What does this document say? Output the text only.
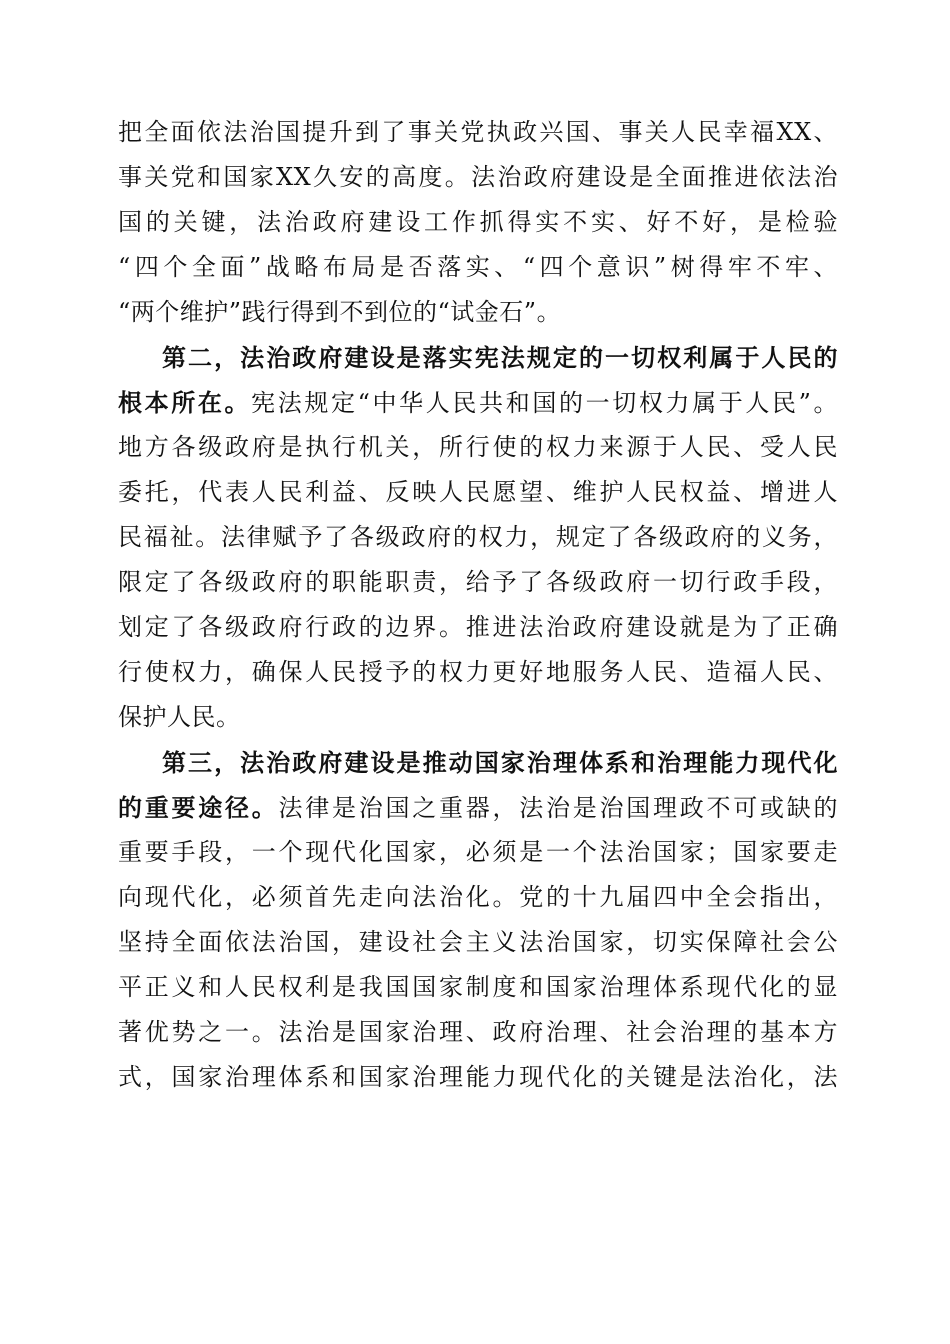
把全面依法治国提升到了事关党执政兴国、事关人民幸福XX、
事关党和国家XX久安的高度。法治政府建设是全面推进依法治
国的关键，法治政府建设工作抓得实不实、好不好，是检验
“四个全面”战略布局是否落实、“四个意识”树得牢不牢、
“两个维护”践行得到不到位的“试金石”。
第二，法治政府建设是落实宪法规定的一切权利属于人民的
根本所在。宪法规定“中华人民共和国的一切权力属于人民”。
地方各级政府是执行机关，所行使的权力来源于人民、受人民
委托，代表人民利益、反映人民愿望、维护人民权益、增进人
民福祉。法律赋予了各级政府的权力，规定了各级政府的义务，
限定了各级政府的职能职责，给予了各级政府一切行政手段，
划定了各级政府行政的边界。推进法治政府建设就是为了正确
行使权力，确保人民授予的权力更好地服务人民、造福人民、
保护人民。
第三，法治政府建设是推动国家治理体系和治理能力现代化
的重要途径。法律是治国之重器，法治是治国理政不可或缺的
重要手段，一个现代化国家，必须是一个法治国家；国家要走
向现代化，必须首先走向法治化。党的十九届四中全会指出，
坚持全面依法治国，建设社会主义法治国家，切实保障社会公
平正义和人民权利是我国国家制度和国家治理体系现代化的显
著优势之一。法治是国家治理、政府治理、社会治理的基本方
式，国家治理体系和国家治理能力现代化的关键是法治化，法
